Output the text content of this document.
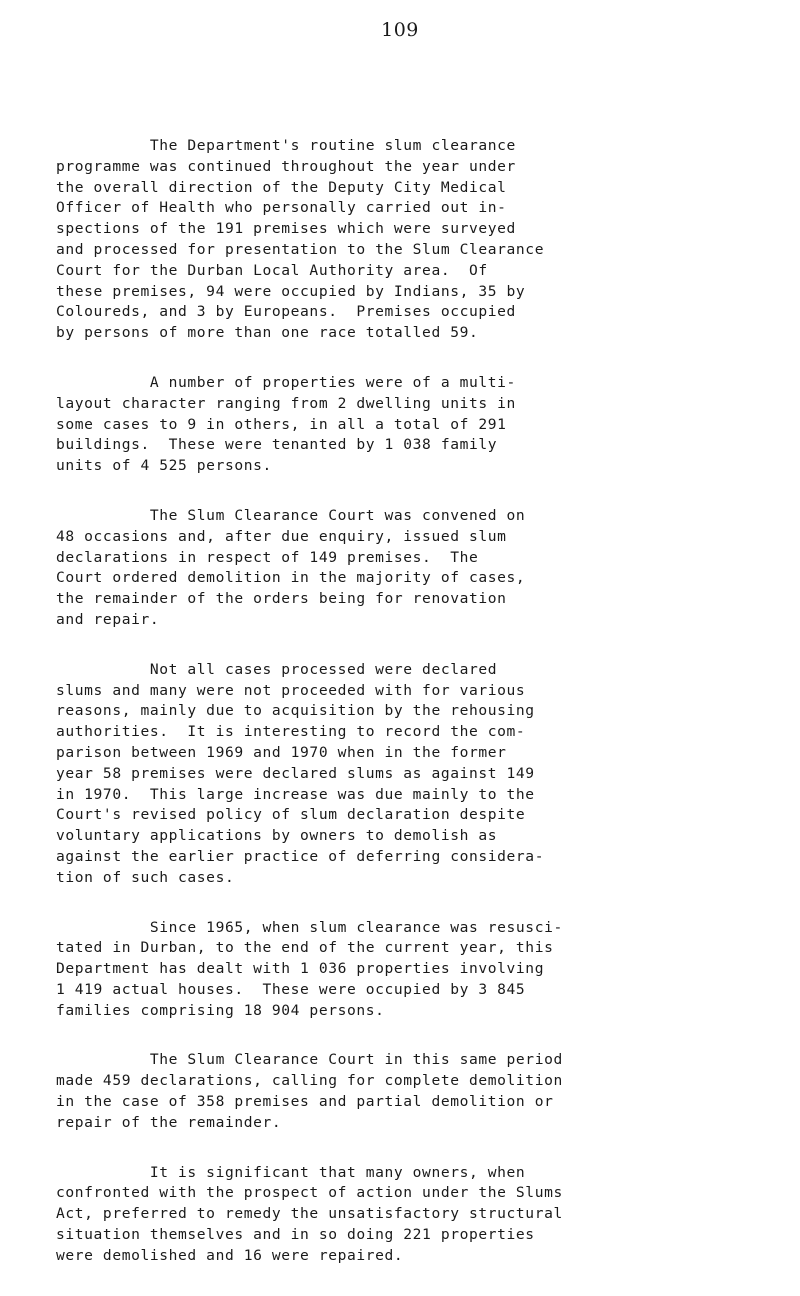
109
The Department's routine slum clearance
programme was continued throughout the year under
the overall direction of the Deputy City Medical
Officer of Health who personally carried out in-
spections of the 191 premises which were surveyed
and processed for presentation to the Slum Clearance
Court for the Durban Local Authority area.  Of
these premises, 94 were occupied by Indians, 35 by
Coloureds, and 3 by Europeans.  Premises occupied
by persons of more than one race totalled 59.
A number of properties were of a multi-
layout character ranging from 2 dwelling units in
some cases to 9 in others, in all a total of 291
buildings.  These were tenanted by 1 038 family
units of 4 525 persons.
The Slum Clearance Court was convened on
48 occasions and, after due enquiry, issued slum
declarations in respect of 149 premises.  The
Court ordered demolition in the majority of cases,
the remainder of the orders being for renovation
and repair.
Not all cases processed were declared
slums and many were not proceeded with for various
reasons, mainly due to acquisition by the rehousing
authorities.  It is interesting to record the com-
parison between 1969 and 1970 when in the former
year 58 premises were declared slums as against 149
in 1970.  This large increase was due mainly to the
Court's revised policy of slum declaration despite
voluntary applications by owners to demolish as
against the earlier practice of deferring considera-
tion of such cases.
Since 1965, when slum clearance was resusci-
tated in Durban, to the end of the current year, this
Department has dealt with 1 036 properties involving
1 419 actual houses.  These were occupied by 3 845
families comprising 18 904 persons.
The Slum Clearance Court in this same period
made 459 declarations, calling for complete demolition
in the case of 358 premises and partial demolition or
repair of the remainder.
It is significant that many owners, when
confronted with the prospect of action under the Slums
Act, preferred to remedy the unsatisfactory structural
situation themselves and in so doing 221 properties
were demolished and 16 were repaired.
